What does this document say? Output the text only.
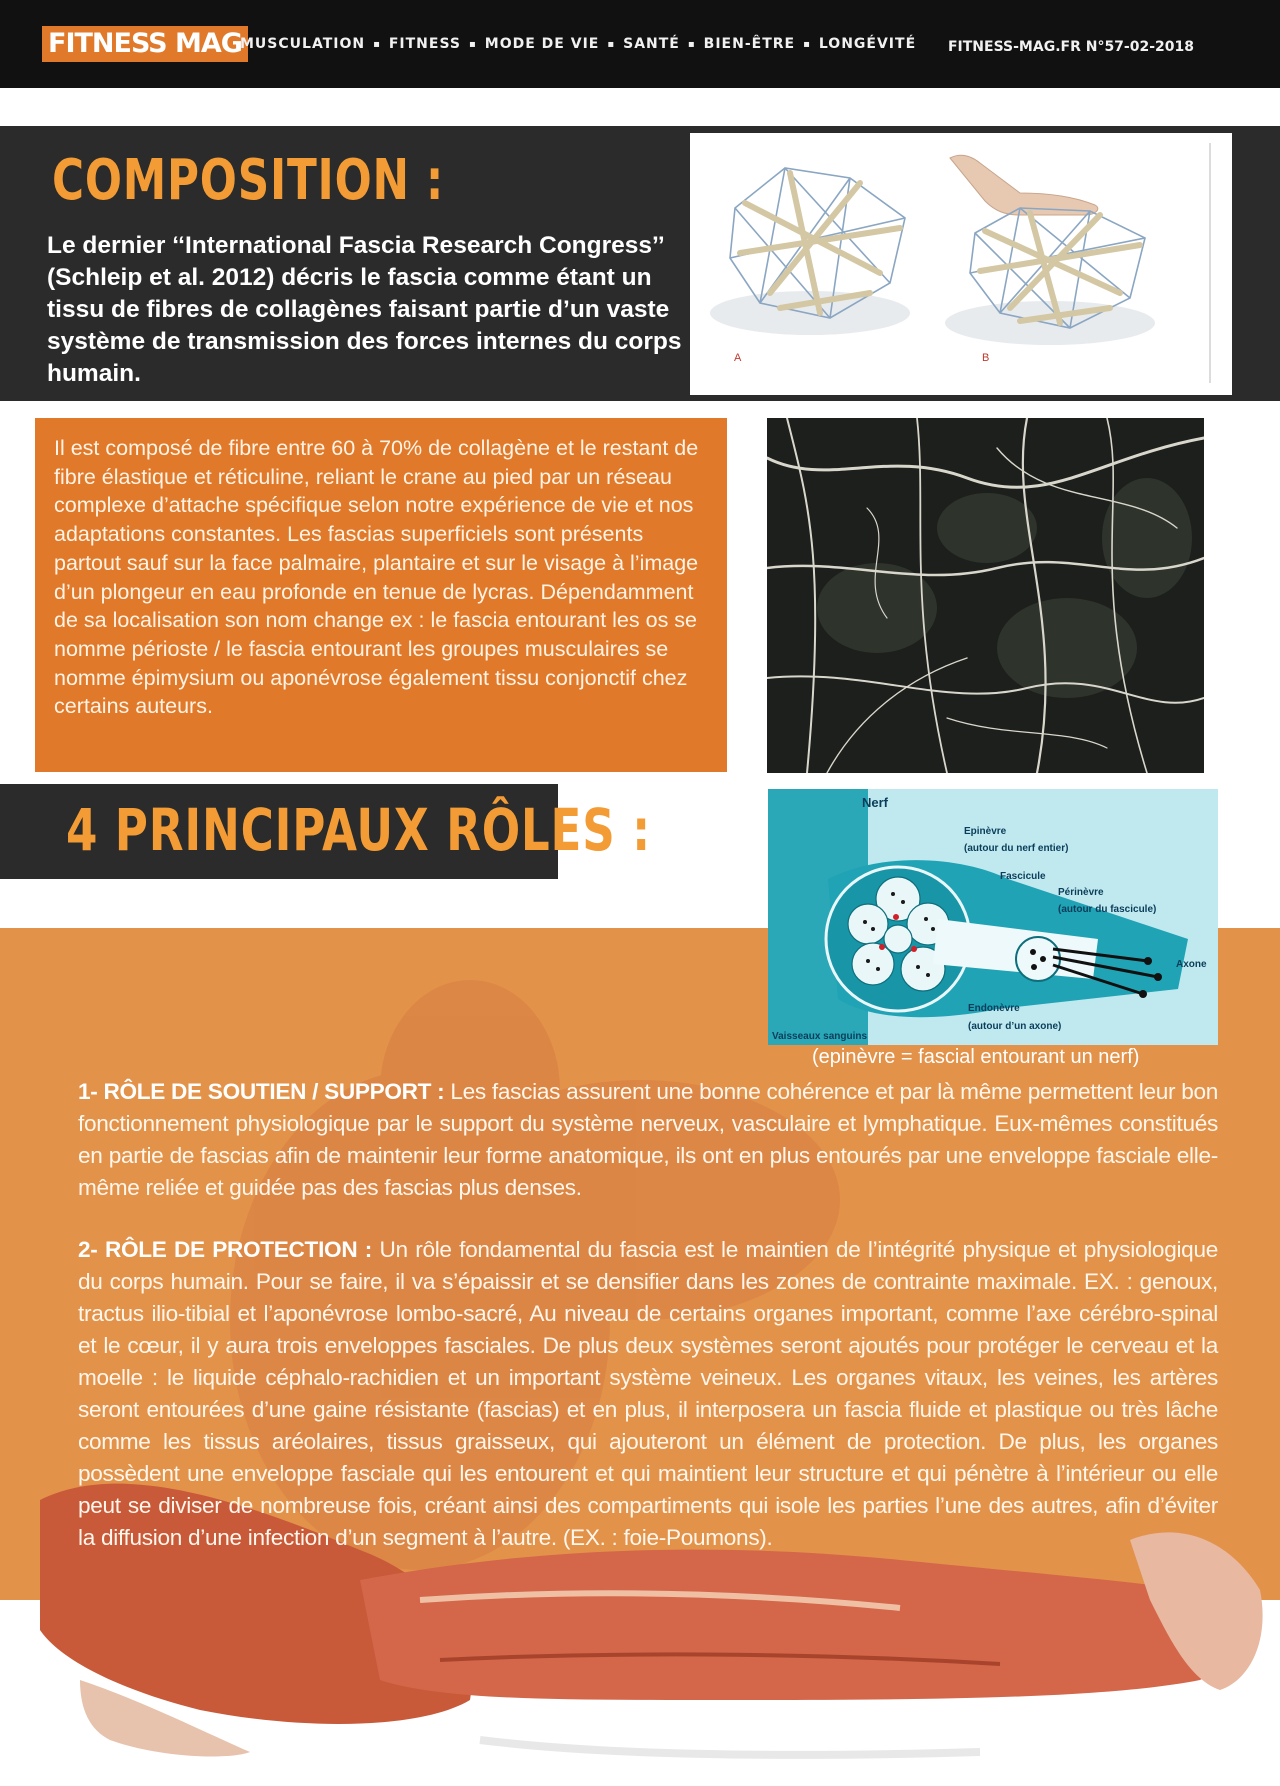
FITNESS MAG
MUSCULATION ▪ FITNESS ▪ MODE DE VIE ▪ SANTÉ ▪ BIEN-ÊTRE ▪ LONGÉVITÉ FITNESS-MAG.FR N°57-02-2018
COMPOSITION :
Le dernier ‘‘International Fascia Research Congress’’ (Schleip et al. 2012) décris le fascia comme étant un tissu de fibres de collagènes faisant partie d’un vaste système de transmission des forces internes du corps humain.
A	B
Il est composé de fibre entre 60 à 70% de collagène et le restant de fibre élastique et réticuline, reliant le crane au pied par un réseau complexe d’attache spécifique selon notre expérience de vie et nos adaptations constantes. Les fascias superficiels sont présents partout sauf sur la face palmaire, plantaire et sur le visage à l’image d’un plongeur en eau profonde en tenue de lycras. Dépendamment de sa localisation son nom change ex : le fascia entourant les os se nomme périoste / le fascia entourant les groupes musculaires se nomme épimysium ou aponévrose également tissu conjonctif chez certains auteurs.
4 PRINCIPAUX RÔLES :	Nerf
Epinèvre
(autour du nerf entier)
Fascicule
Périnèvre
(autour du fascicule)
Axone
Endonèvre
(autour d’un axone)
Vaisseaux sanguins
(epinèvre = fascial entourant un nerf)
1- RÔLE DE SOUTIEN / SUPPORT : Les fascias assurent une bonne cohérence et par là même permettent leur bon fonctionnement physiologique par le support du système nerveux, vasculaire et lymphatique. Eux-mêmes constitués en partie de fascias afin de maintenir leur forme anatomique, ils ont en plus entourés par une enveloppe fasciale elle-même reliée et guidée pas des fascias plus denses.
2- RÔLE DE PROTECTION : Un rôle fondamental du fascia est le maintien de l’intégrité physique et physiologique du corps humain. Pour se faire, il va s’épaissir et se densifier dans les zones de contrainte maximale. EX. : genoux, tractus ilio-tibial et l’aponévrose lombo-sacré, Au niveau de certains organes important, comme l’axe cérébro-spinal et le cœur, il y aura trois enveloppes fasciales. De plus deux systèmes seront ajoutés pour protéger le cerveau et la moelle : le liquide céphalo-rachidien et un important système veineux. Les organes vitaux, les veines, les artères seront entourées d’une gaine résistante (fascias) et en plus, il interposera un fascia fluide et plastique ou très lâche comme les tissus aréolaires, tissus graisseux, qui ajouteront un élément de protection. De plus, les organes possèdent une enveloppe fasciale qui les entourent et qui maintient leur structure et qui pénètre à l’intérieur ou elle peut se diviser de nombreuse fois, créant ainsi des compartiments qui isole les parties l’une des autres, afin d’éviter la diffusion d’une infection d’un segment à l’autre. (EX. : foie-Poumons).
